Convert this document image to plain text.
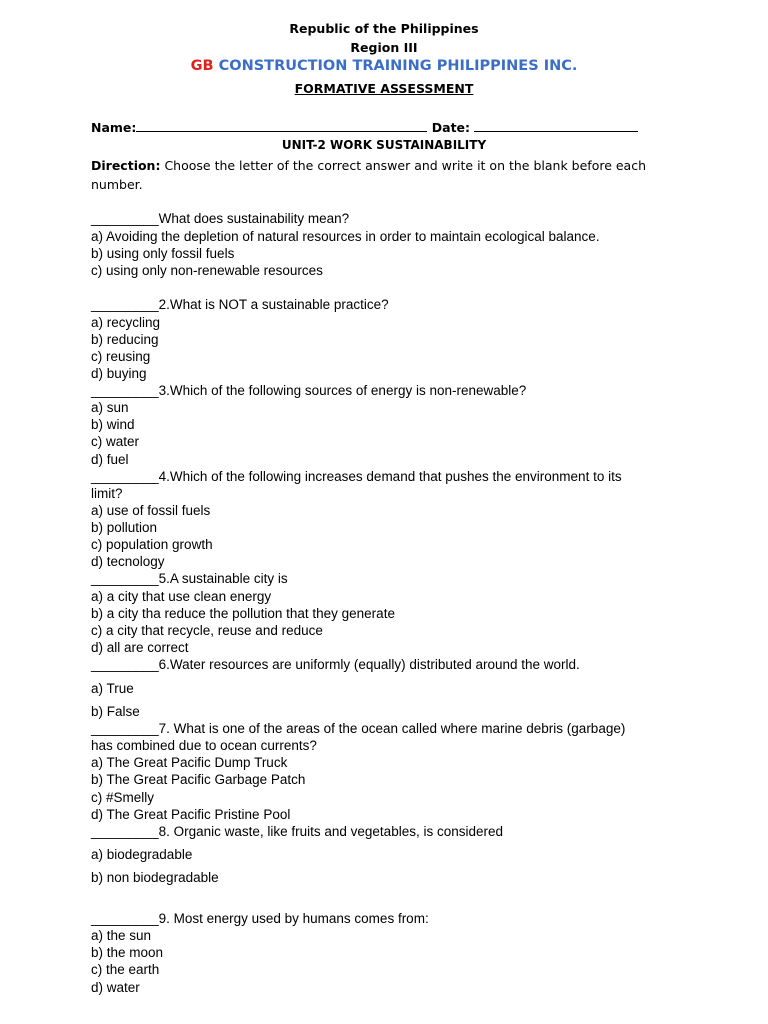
Republic of the Philippines
Region III
GB CONSTRUCTION TRAINING PHILIPPINES INC.
FORMATIVE ASSESSMENT
Name:	Date:
UNIT-2 WORK SUSTAINABILITY
Direction: Choose the letter of the correct answer and write it on the blank before each number.
_________What does sustainability mean?
a) Avoiding the depletion of natural resources in order to maintain ecological balance.
b) using only fossil fuels
c) using only non-renewable resources
_________2.What is NOT a sustainable practice?
a) recycling
b) reducing
c) reusing
d) buying
_________3.Which of the following sources of energy is non-renewable?
a) sun
b) wind
c) water
d) fuel
_________4.Which of the following increases demand that pushes the environment to its
limit?
a) use of fossil fuels
b) pollution
c) population growth
d) tecnology
_________5.A sustainable city is
a) a city that use clean energy
b) a city tha reduce the pollution that they generate
c) a city that recycle, reuse and reduce
d) all are correct
_________6.Water resources are uniformly (equally) distributed around the world.
a) True
b) False
_________7. What is one of the areas of the ocean called where marine debris (garbage)
has combined due to ocean currents?
a) The Great Pacific Dump Truck
b) The Great Pacific Garbage Patch
c) #Smelly
d) The Great Pacific Pristine Pool
_________8. Organic waste, like fruits and vegetables, is considered
a) biodegradable
b) non biodegradable
_________9. Most energy used by humans comes from:
a) the sun
b) the moon
c) the earth
d) water
